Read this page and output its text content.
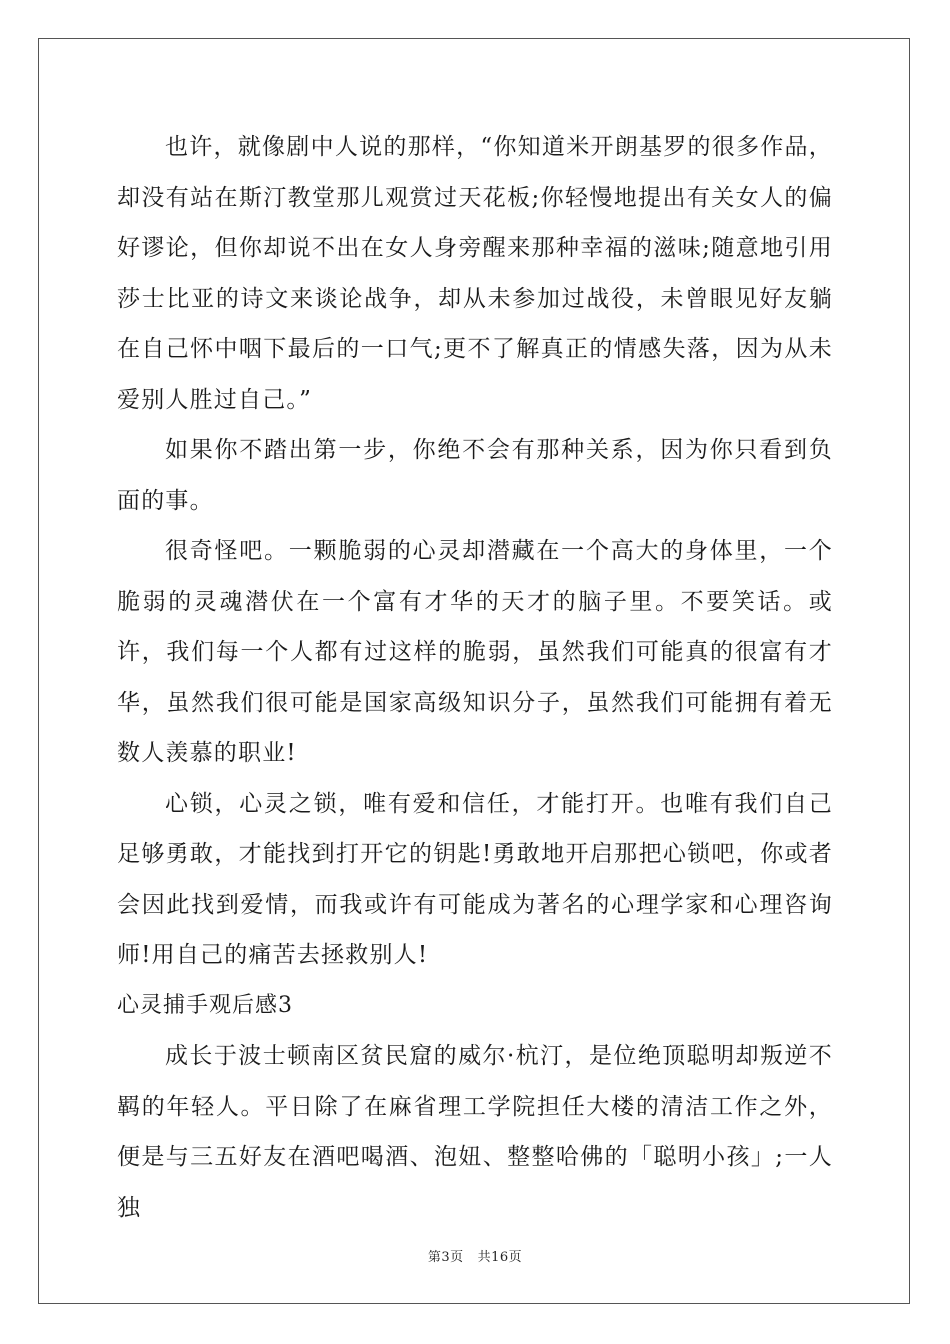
也许，就像剧中人说的那样，“你知道米开朗基罗的很多作品，却没有站在斯汀教堂那儿观赏过天花板;你轻慢地提出有关女人的偏好谬论，但你却说不出在女人身旁醒来那种幸福的滋味;随意地引用莎士比亚的诗文来谈论战争，却从未参加过战役，未曾眼见好友躺在自己怀中咽下最后的一口气;更不了解真正的情感失落，因为从未爱别人胜过自己。”

如果你不踏出第一步，你绝不会有那种关系，因为你只看到负面的事。

很奇怪吧。一颗脆弱的心灵却潜藏在一个高大的身体里，一个脆弱的灵魂潜伏在一个富有才华的天才的脑子里。不要笑话。或许，我们每一个人都有过这样的脆弱，虽然我们可能真的很富有才华，虽然我们很可能是国家高级知识分子，虽然我们可能拥有着无数人羡慕的职业!

心锁，心灵之锁，唯有爱和信任，才能打开。也唯有我们自己足够勇敢，才能找到打开它的钥匙!勇敢地开启那把心锁吧，你或者会因此找到爱情，而我或许有可能成为著名的心理学家和心理咨询师!用自己的痛苦去拯救别人!

心灵捕手观后感3

成长于波士顿南区贫民窟的威尔·杭汀，是位绝顶聪明却叛逆不羁的年轻人。平日除了在麻省理工学院担任大楼的清洁工作之外，便是与三五好友在酒吧喝酒、泡妞、整整哈佛的「聪明小孩」;一人独

第3页 共16页
